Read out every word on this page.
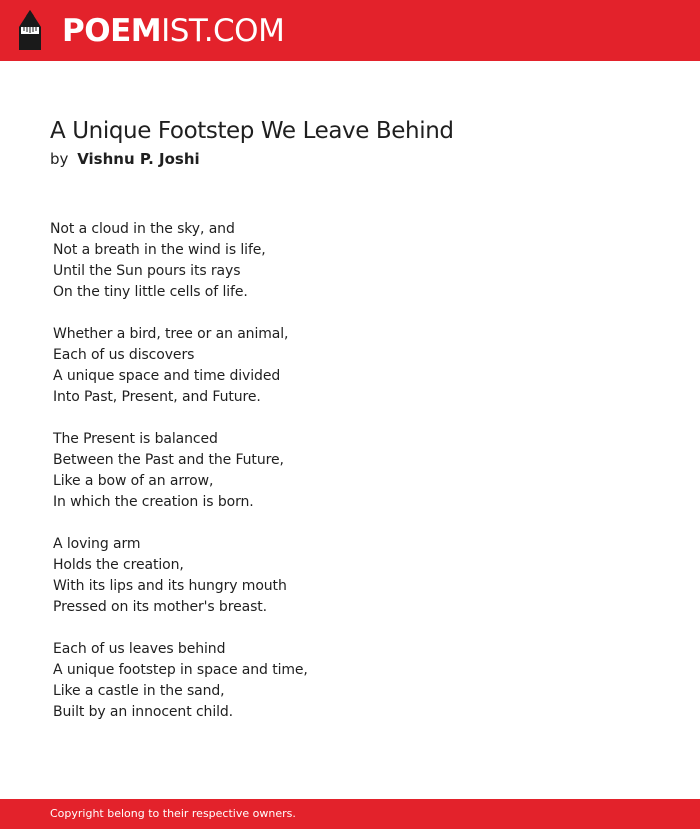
POEMIST.COM
A Unique Footstep We Leave Behind
by Vishnu P. Joshi
Not a cloud in the sky, and
Not a breath in the wind is life,
Until the Sun pours its rays
On the tiny little cells of life.
Whether a bird, tree or an animal,
Each of us discovers
A unique space and time divided
Into Past, Present, and Future.
The Present is balanced
Between the Past and the Future,
Like a bow of an arrow,
In which the creation is born.
A loving arm
Holds the creation,
With its lips and its hungry mouth
Pressed on its mother's breast.
Each of us leaves behind
A unique footstep in space and time,
Like a castle in the sand,
Built by an innocent child.
Copyright belong to their respective owners.
